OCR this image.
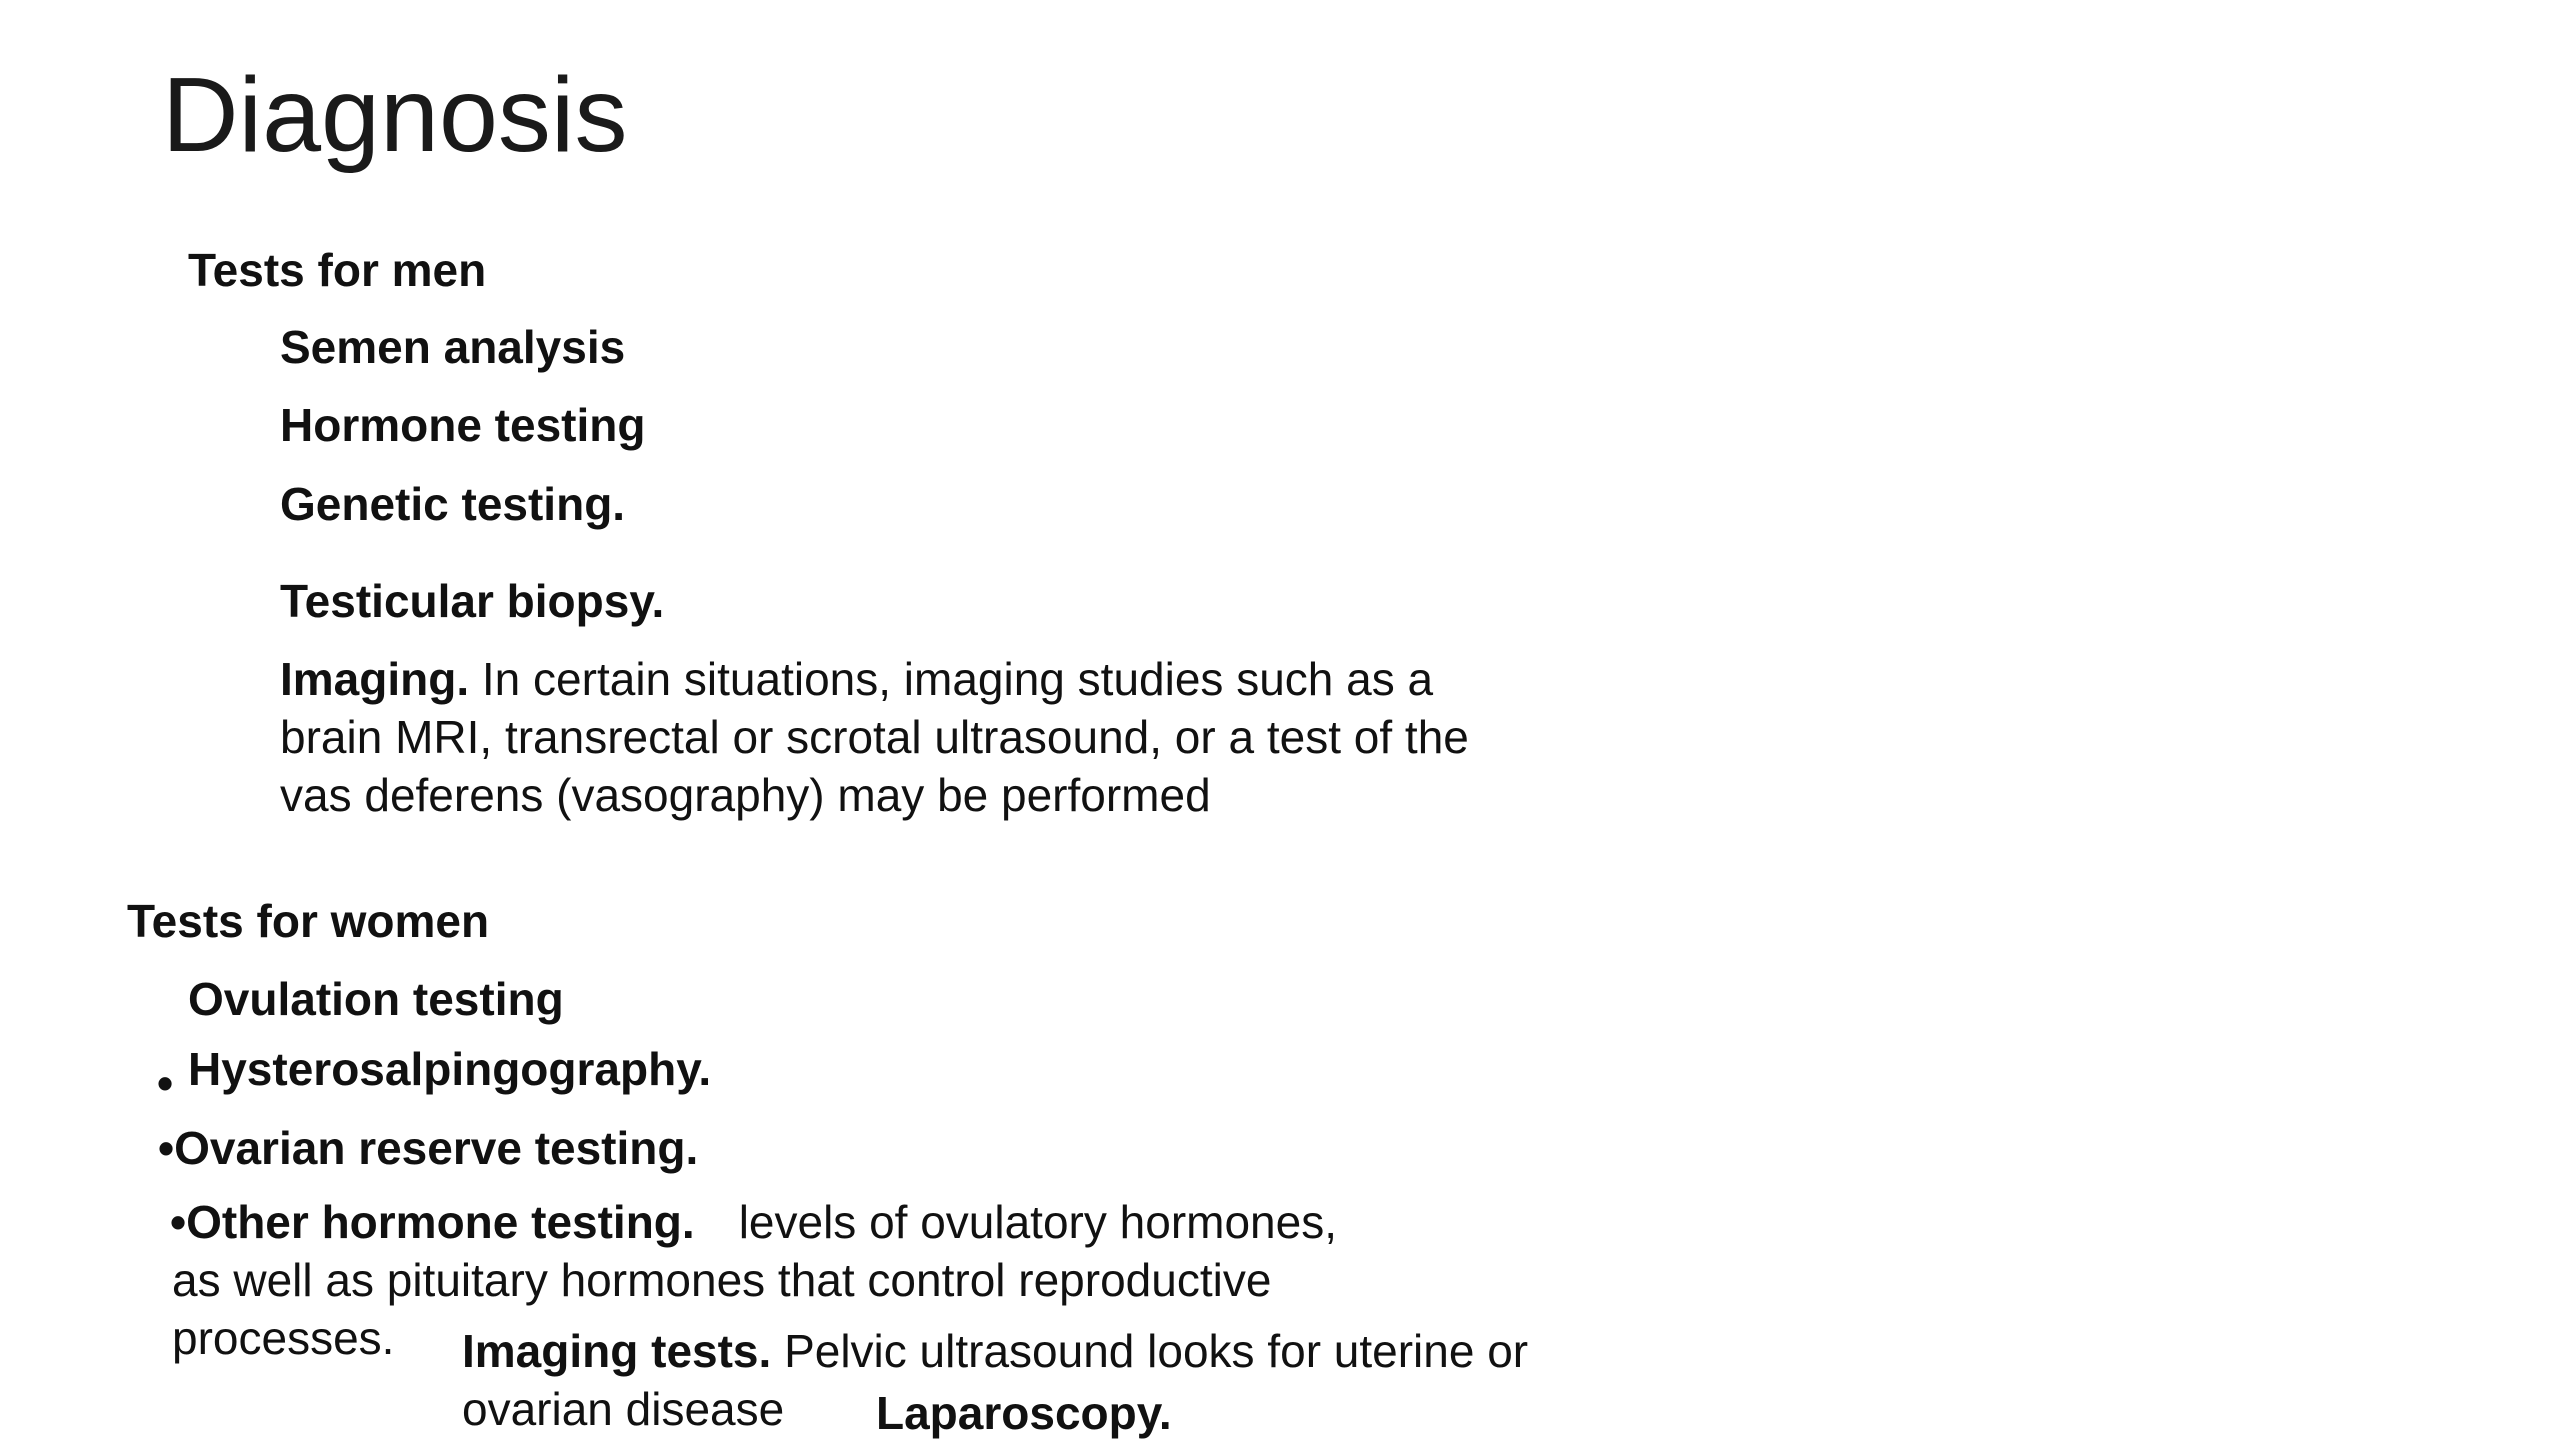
Diagnosis
Tests for men
Semen analysis
Hormone testing
Genetic testing.
Testicular biopsy.
Imaging. In certain situations, imaging studies such as a
brain MRI, transrectal or scrotal ultrasound, or a test of the
vas deferens (vasography) may be performed
Tests for women
Ovulation testing
• Hysterosalpingography.
•Ovarian reserve testing.
•Other hormone testing. levels of ovulatory hormones,
as well as pituitary hormones that control reproductive
processes. Imaging tests. Pelvic ultrasound looks for uterine or
ovarian disease Laparoscopy.
